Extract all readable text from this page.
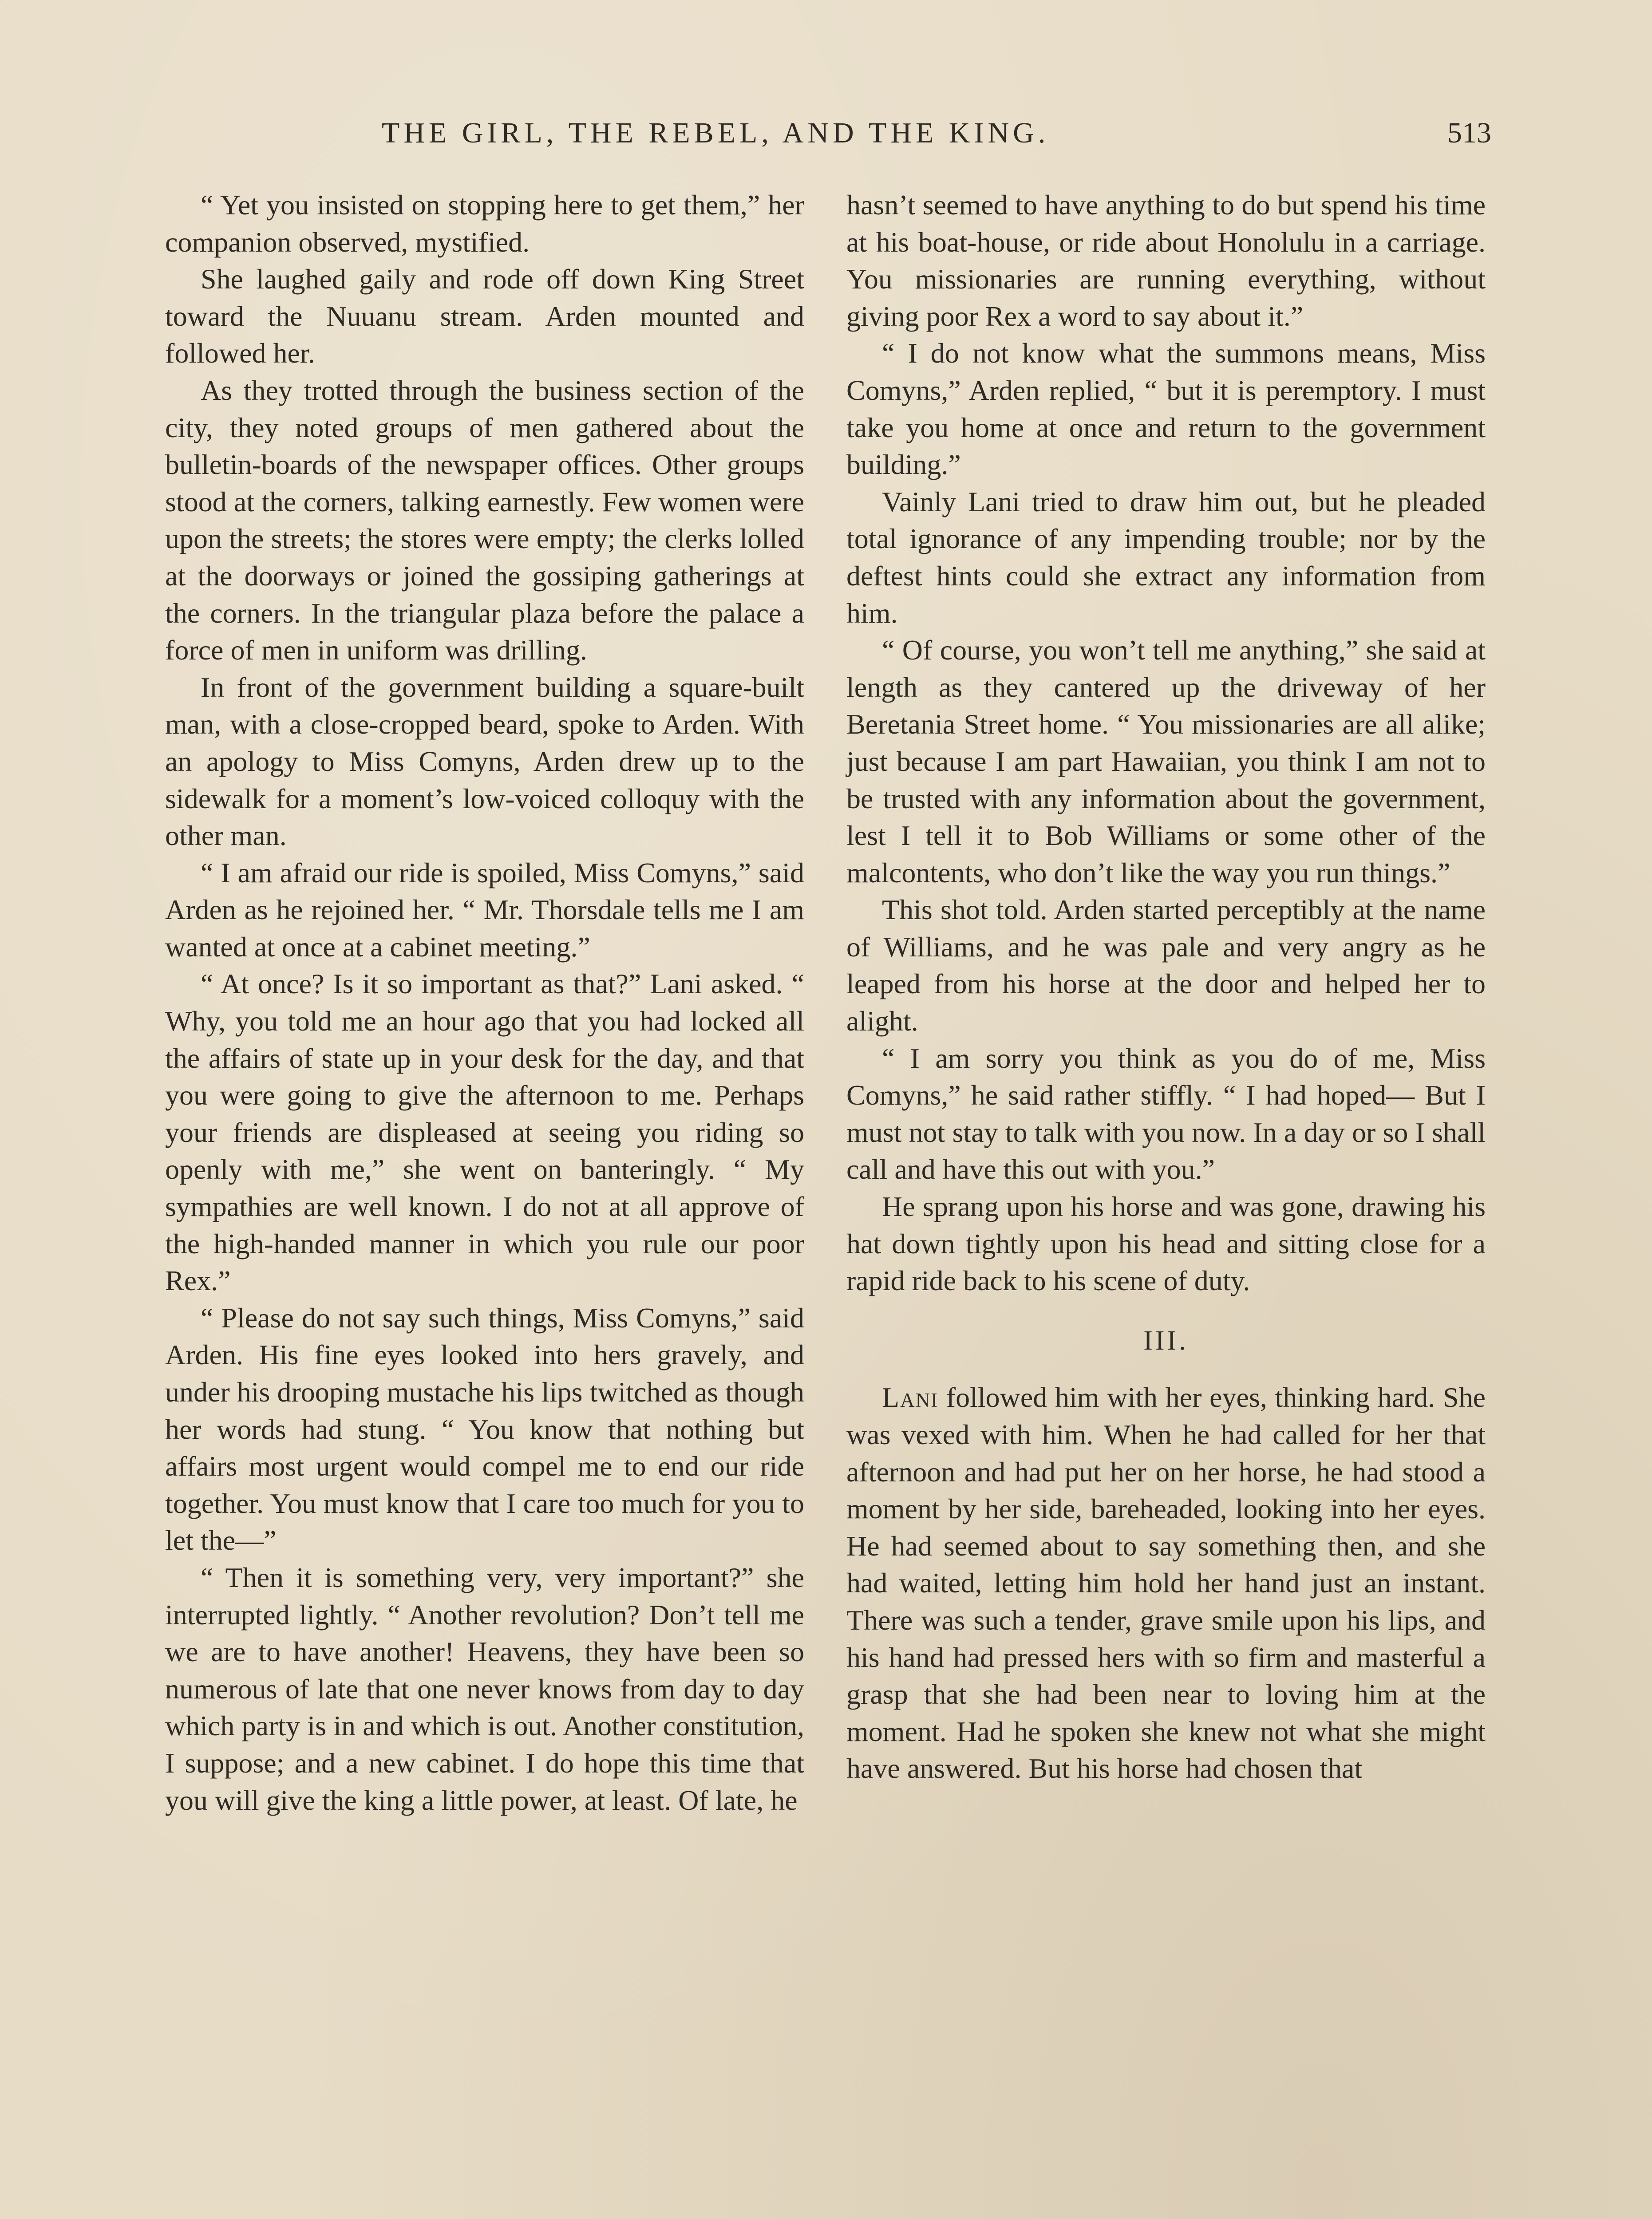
THE GIRL, THE REBEL, AND THE KING.	513

“ Yet you insisted on stopping here to get them,” her companion observed, mystified.

She laughed gaily and rode off down King Street toward the Nuuanu stream. Arden mounted and followed her.

As they trotted through the business section of the city, they noted groups of men gathered about the bulletin-boards of the newspaper offices. Other groups stood at the corners, talking earnestly. Few women were upon the streets; the stores were empty; the clerks lolled at the doorways or joined the gossiping gatherings at the corners. In the triangular plaza before the palace a force of men in uniform was drilling.

In front of the government building a square-built man, with a close-cropped beard, spoke to Arden. With an apology to Miss Comyns, Arden drew up to the sidewalk for a moment’s low-voiced colloquy with the other man.

“ I am afraid our ride is spoiled, Miss Comyns,” said Arden as he rejoined her. “ Mr. Thorsdale tells me I am wanted at once at a cabinet meeting.”

“ At once? Is it so important as that?” Lani asked. “ Why, you told me an hour ago that you had locked all the affairs of state up in your desk for the day, and that you were going to give the afternoon to me. Perhaps your friends are displeased at seeing you riding so openly with me,” she went on banteringly. “ My sympathies are well known. I do not at all approve of the high-handed manner in which you rule our poor Rex.”

“ Please do not say such things, Miss Comyns,” said Arden. His fine eyes looked into hers gravely, and under his drooping mustache his lips twitched as though her words had stung. “ You know that nothing but affairs most urgent would compel me to end our ride together. You must know that I care too much for you to let the—”

“ Then it is something very, very important?” she interrupted lightly. “ Another revolution? Don’t tell me we are to have another! Heavens, they have been so numerous of late that one never knows from day to day which party is in and which is out. Another constitution, I suppose; and a new cabinet. I do hope this time that you will give the king a little power, at least. Of late, he

hasn’t seemed to have anything to do but spend his time at his boat-house, or ride about Honolulu in a carriage. You missionaries are running everything, without giving poor Rex a word to say about it.”

“ I do not know what the summons means, Miss Comyns,” Arden replied, “ but it is peremptory. I must take you home at once and return to the government building.”

Vainly Lani tried to draw him out, but he pleaded total ignorance of any impending trouble; nor by the deftest hints could she extract any information from him.

“ Of course, you won’t tell me anything,” she said at length as they cantered up the driveway of her Beretania Street home. “ You missionaries are all alike; just because I am part Hawaiian, you think I am not to be trusted with any information about the government, lest I tell it to Bob Williams or some other of the malcontents, who don’t like the way you run things.”

This shot told. Arden started perceptibly at the name of Williams, and he was pale and very angry as he leaped from his horse at the door and helped her to alight.

“ I am sorry you think as you do of me, Miss Comyns,” he said rather stiffly. “ I had hoped— But I must not stay to talk with you now. In a day or so I shall call and have this out with you.”

He sprang upon his horse and was gone, drawing his hat down tightly upon his head and sitting close for a rapid ride back to his scene of duty.

III.

Lani followed him with her eyes, thinking hard. She was vexed with him. When he had called for her that afternoon and had put her on her horse, he had stood a moment by her side, bareheaded, looking into her eyes. He had seemed about to say something then, and she had waited, letting him hold her hand just an instant. There was such a tender, grave smile upon his lips, and his hand had pressed hers with so firm and masterful a grasp that she had been near to loving him at the moment. Had he spoken she knew not what she might have answered. But his horse had chosen that
